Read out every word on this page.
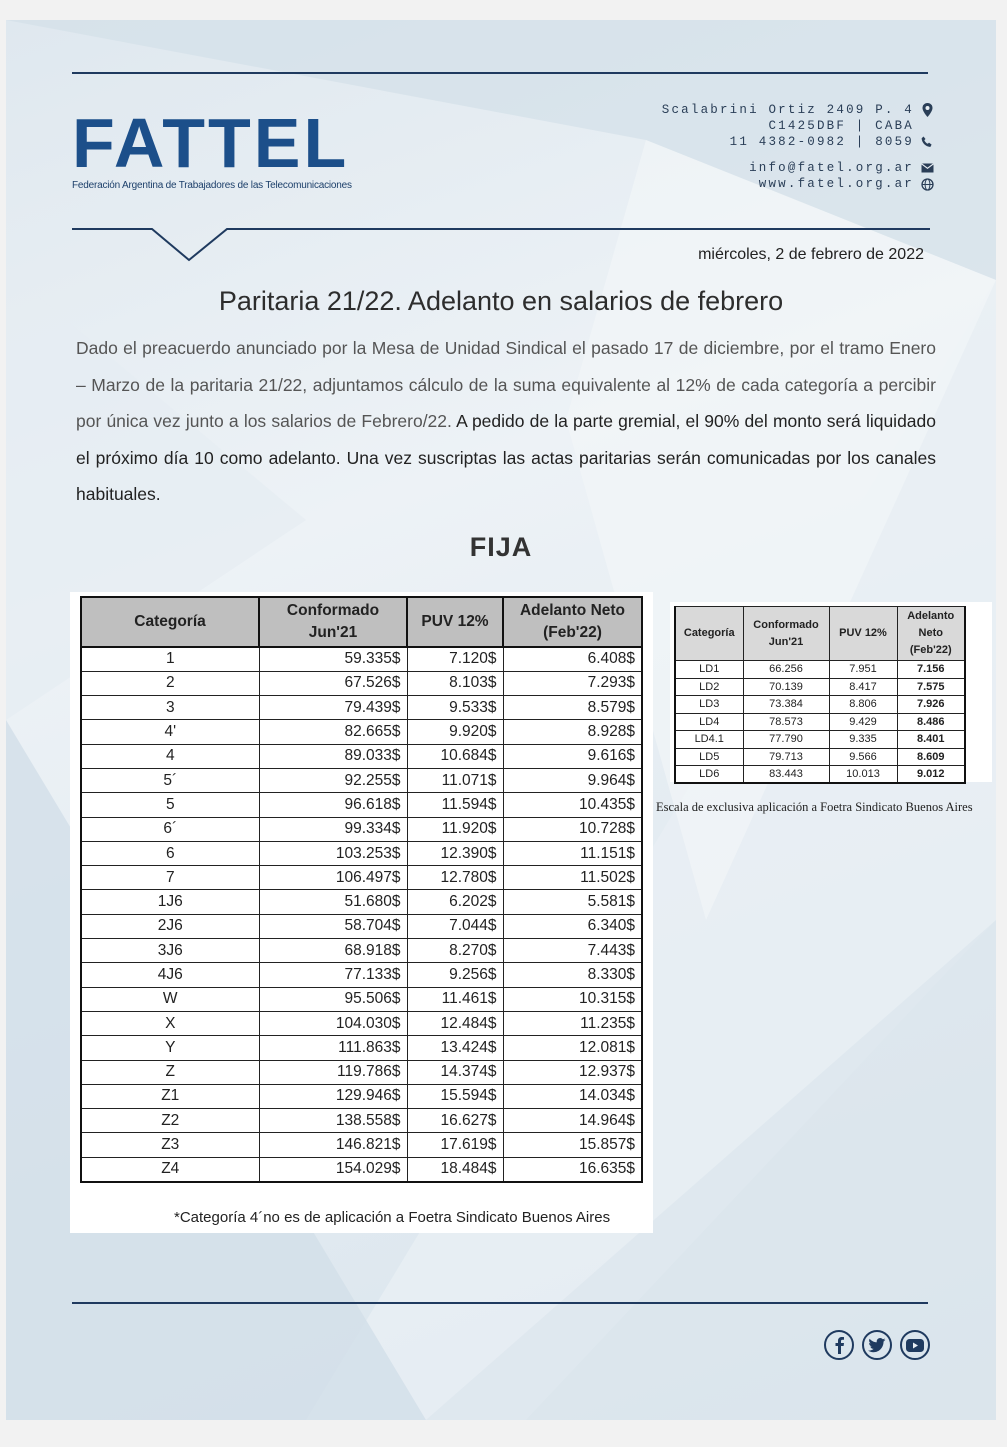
FATTEL
Federación Argentina de Trabajadores de las Telecomunicaciones
Scalabrini Ortiz 2409 P. 4
C1425DBF | CABA
11 4382-0982 | 8059
info@fatel.org.ar
www.fatel.org.ar
miércoles, 2 de febrero de 2022
Paritaria 21/22. Adelanto en salarios de febrero
Dado el preacuerdo anunciado por la Mesa de Unidad Sindical el pasado 17 de diciembre, por el tramo Enero – Marzo de la paritaria 21/22, adjuntamos cálculo de la suma equivalente al 12% de cada categoría a percibir por única vez junto a los salarios de Febrero/22. A pedido de la parte gremial, el 90% del monto será liquidado el próximo día 10 como adelanto. Una vez suscriptas las actas paritarias serán comunicadas por los canales habituales.
FIJA
Categoría	Conformado Jun'21	PUV 12%	Adelanto Neto (Feb'22)
1	59.335$	7.120$	6.408$
2	67.526$	8.103$	7.293$
3	79.439$	9.533$	8.579$
4'	82.665$	9.920$	8.928$
4	89.033$	10.684$	9.616$
5´	92.255$	11.071$	9.964$
5	96.618$	11.594$	10.435$
6´	99.334$	11.920$	10.728$
6	103.253$	12.390$	11.151$
7	106.497$	12.780$	11.502$
1J6	51.680$	6.202$	5.581$
2J6	58.704$	7.044$	6.340$
3J6	68.918$	8.270$	7.443$
4J6	77.133$	9.256$	8.330$
W	95.506$	11.461$	10.315$
X	104.030$	12.484$	11.235$
Y	111.863$	13.424$	12.081$
Z	119.786$	14.374$	12.937$
Z1	129.946$	15.594$	14.034$
Z2	138.558$	16.627$	14.964$
Z3	146.821$	17.619$	15.857$
Z4	154.029$	18.484$	16.635$
*Categoría 4´no es de aplicación a Foetra Sindicato Buenos Aires
Categoría	Conformado Jun'21	PUV 12%	Adelanto Neto (Feb'22)
LD1	66.256	7.951	7.156
LD2	70.139	8.417	7.575
LD3	73.384	8.806	7.926
LD4	78.573	9.429	8.486
LD4.1	77.790	9.335	8.401
LD5	79.713	9.566	8.609
LD6	83.443	10.013	9.012
Escala de exclusiva aplicación a Foetra Sindicato Buenos Aires
